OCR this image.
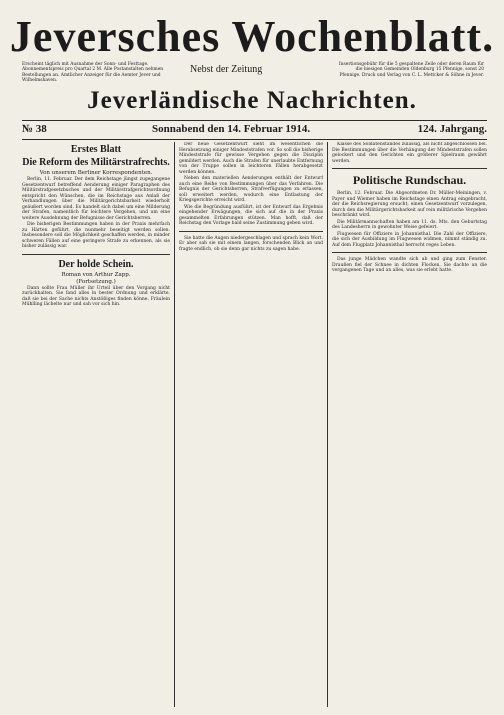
Jeversches Wochenblatt.
Erscheint täglich mit Ausnahme der Sonn- und Festtage. Abonnementspreis pro Quartal 2 M. Alle Postanstalten nehmen Bestellungen an. Amtlicher Anzeiger für die Aemter Jever und Wilhelmshaven.
Nebst der Zeitung	Insertionsgebühr für die 5 gespaltene Zeile oder deren Raum für die hiesigen Gemeinden Oldenburg 15 Pfennige, sonst 20 Pfennige. Druck und Verlag von C. L. Mettcker & Söhne in Jever.
Jeverländische Nachrichten.
№ 38	Sonnabend den 14. Februar 1914.	124. Jahrgang.
Erstes Blatt
Die Reform des Militärstrafrechts.
Von unserem Berliner Korrespondenten.

Berlin, 11. Februar. Der dem Reichstage jüngst zugegangene Gesetzentwurf betreffend Aenderung einiger Paragraphen des Militärstrafgesetzbuches und der Militärstrafgerichtsordnung entspricht den Wünschen, die im Reichstage aus Anlaß der Verhandlungen über die Militärgerichtsbarkeit wiederholt geäußert worden sind. Es handelt sich dabei um eine Milderung der Strafen, namentlich für leichtere Vergehen, und um eine weitere Ausdehnung der Befugnisse der Gerichtsherren.

Die bisherigen Bestimmungen haben in der Praxis mehrfach zu Härten geführt, die nunmehr beseitigt werden sollen. Insbesondere soll die Möglichkeit geschaffen werden, in minder schweren Fällen auf eine geringere Strafe zu erkennen, als sie bisher zulässig war.

Der holde Schein.
Roman von Arthur Zapp.
(Fortsetzung.)

Dann sollte Frau Müller ihr Urteil über den Vorgang nicht zurückhalten. Sie fand alles in bester Ordnung und erklärte, daß sie bei der Sache nichts Anstößiges finden könne. Fräulein Mühlling lächelte nur und sah vor sich hin.

Der neue Gesetzentwurf sieht im wesentlichen die Herabsetzung einiger Mindeststrafen vor. So soll die bisherige Mindeststrafe für gewisse Vergehen gegen die Disziplin gemildert werden. Auch die Strafen für unerlaubte Entfernung von der Truppe sollen in leichteren Fällen herabgesetzt werden können.

Neben den materiellen Aenderungen enthält der Entwurf auch eine Reihe von Bestimmungen über das Verfahren. Die Befugnis der Gerichtsherren, Strafverfügungen zu erlassen, soll erweitert werden, wodurch eine Entlastung der Kriegsgerichte erreicht wird.

Wie die Begründung ausführt, ist der Entwurf das Ergebnis eingehender Erwägungen, die sich auf die in der Praxis gesammelten Erfahrungen stützen. Man hofft, daß der Reichstag den Vorlage bald seine Zustimmung geben wird.

Sie hatte die Augen niedergeschlagen und sprach kein Wort. Er aber sah sie mit einem langen, forschenden Blick an und fragte endlich, ob sie denn gar nichts zu sagen habe.

Klasse des Soldatenstandes zulässig, als nicht abgeschlossen bei. Die Bestimmungen über die Verhängung der Mindeststrafen sollen gelockert und den Gerichten ein größerer Spielraum gewährt werden.

Politische Rundschau.

Berlin, 12. Februar. Die Abgeordneten Dr. Müller-Meiningen, v. Payer und Wiemer haben im Reichstage einen Antrag eingebracht, der die Reichsregierung ersucht, einen Gesetzentwurf vorzulegen, durch den die Militärgerichtsbarkeit auf rein militärische Vergehen beschränkt wird.

Die Militärmannschaften haben am 11. ds. Mts. den Geburtstag des Landesherrn in gewohnter Weise gefeiert.

Flugwesen für Offiziere in Johannisthal. Die Zahl der Offiziere, die sich der Ausbildung im Flugwesen widmen, nimmt ständig zu. Auf dem Flugplatz Johannisthal herrscht reges Leben.

Das junge Mädchen wandte sich ab und ging zum Fenster. Draußen fiel der Schnee in dichten Flocken. Sie dachte an die vergangenen Tage und an alles, was sie erlebt hatte.
